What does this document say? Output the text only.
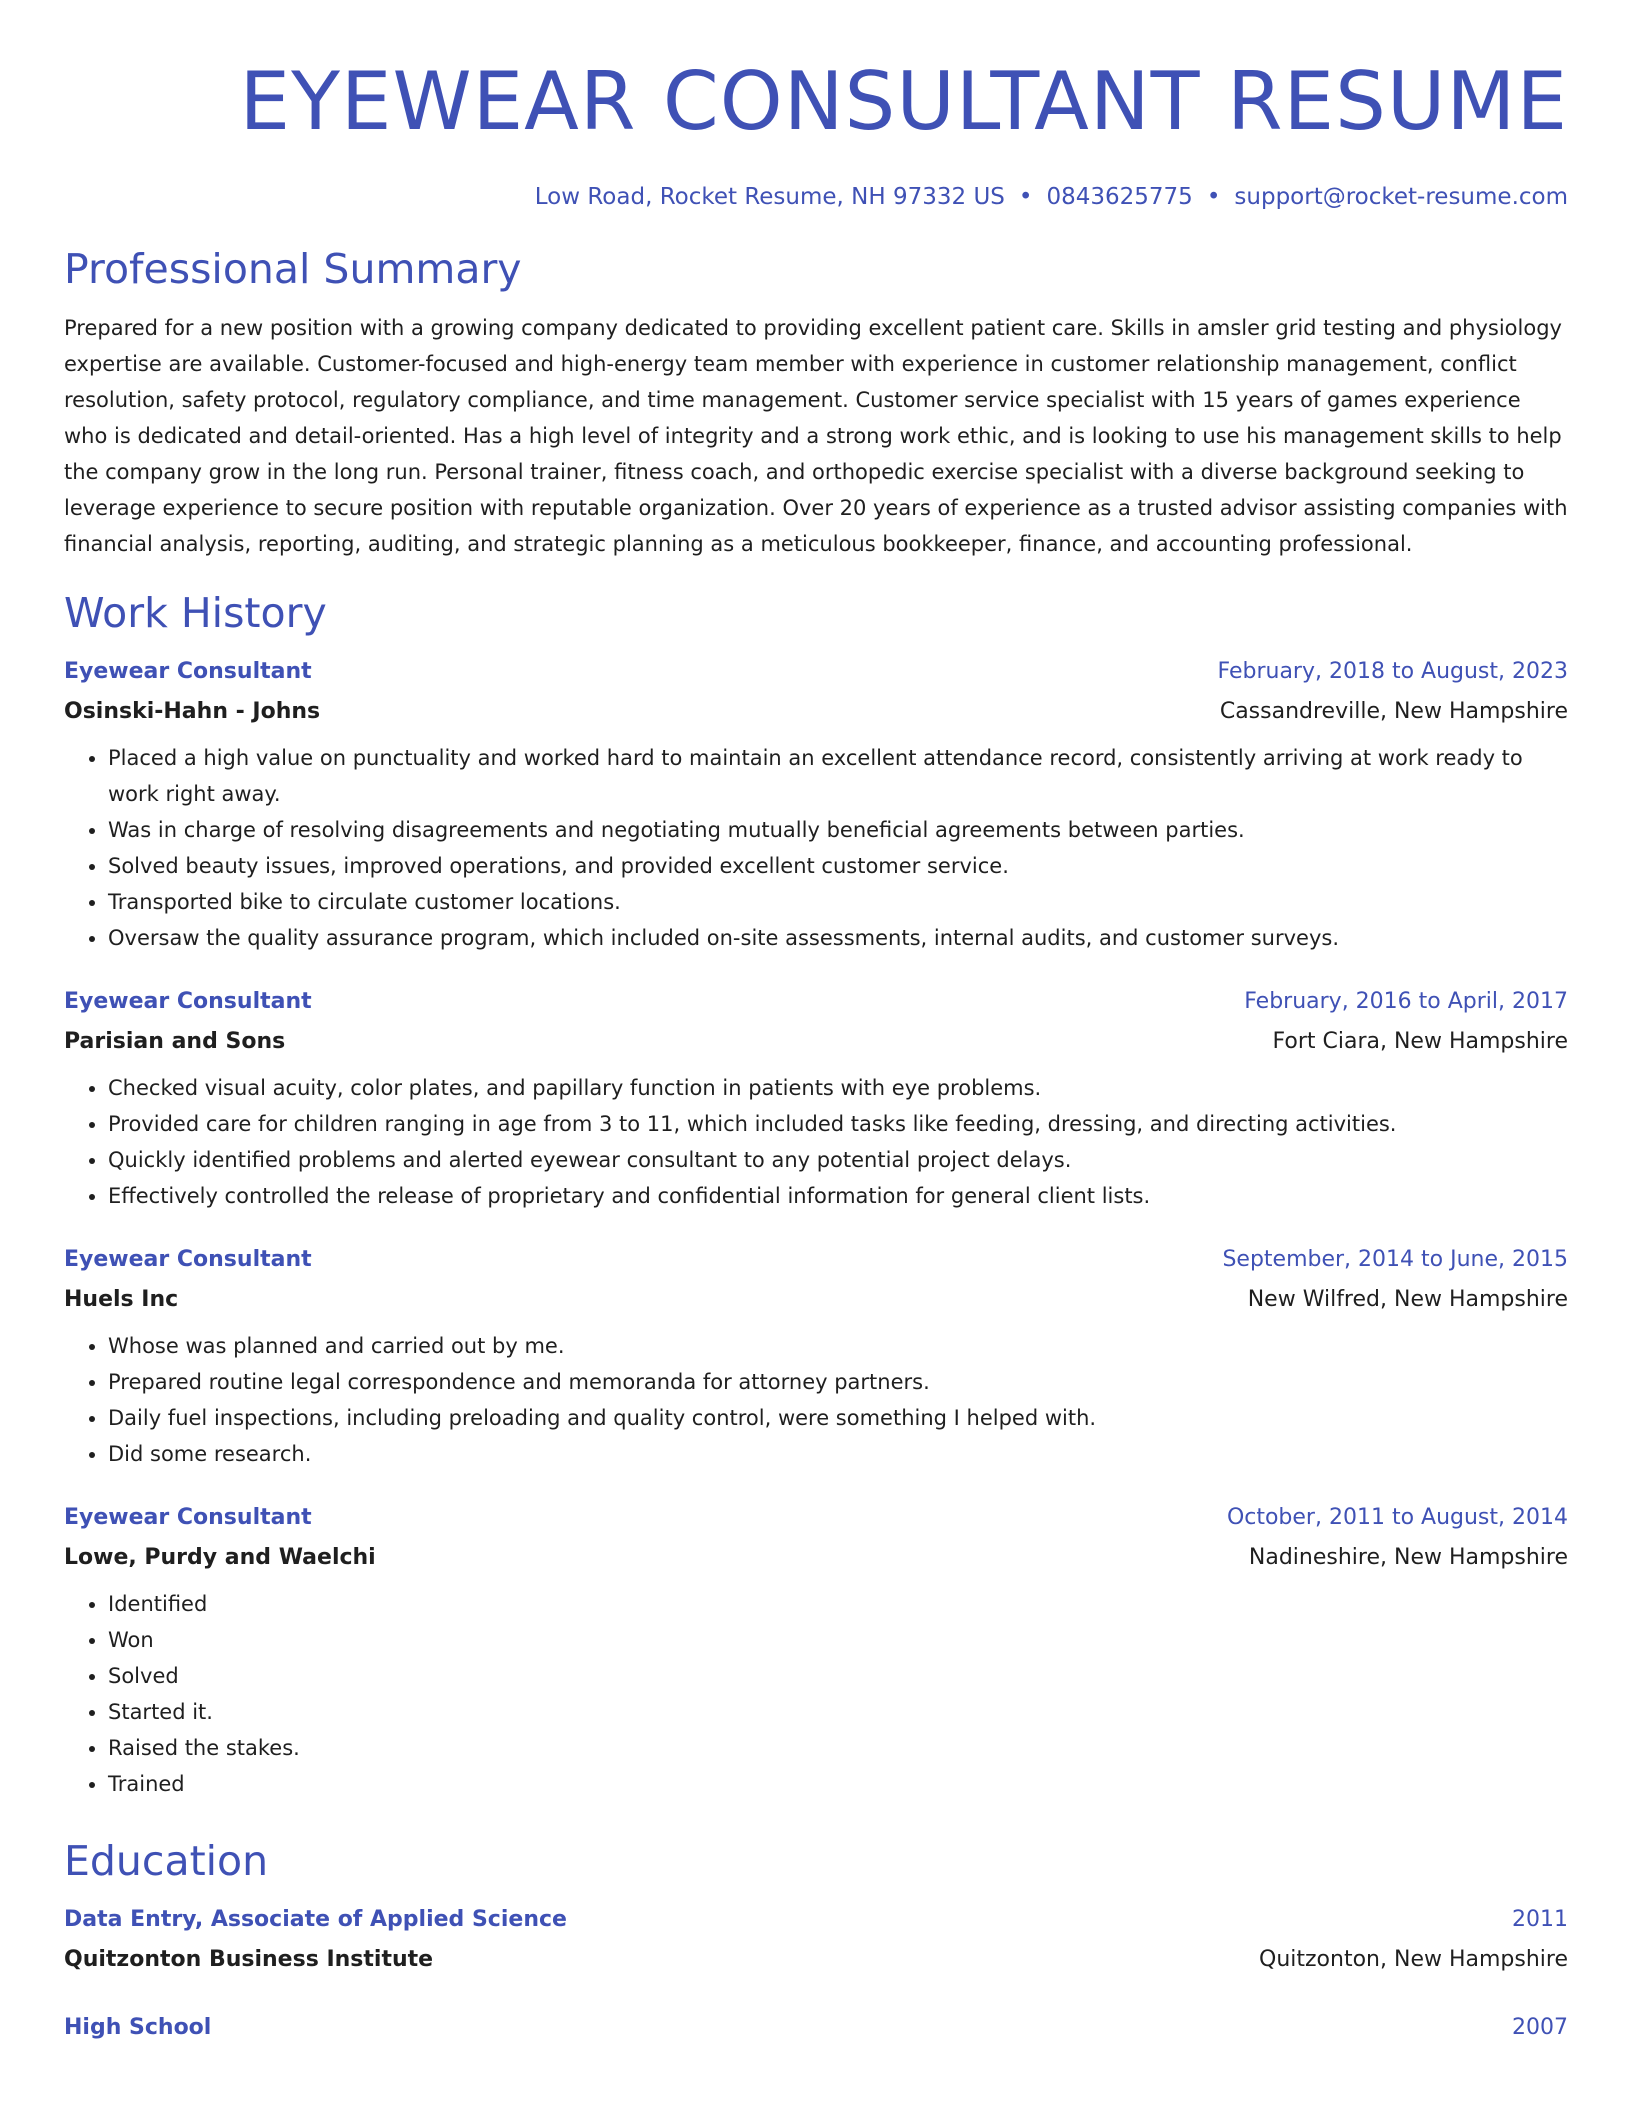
EYEWEAR CONSULTANT RESUME
Low Road, Rocket Resume, NH 97332 US • 0843625775 • support@rocket-resume.com
Professional Summary

Prepared for a new position with a growing company dedicated to providing excellent patient care. Skills in amsler grid testing and physiology expertise are available. Customer-focused and high-energy team member with experience in customer relationship management, conflict resolution, safety protocol, regulatory compliance, and time management. Customer service specialist with 15 years of games experience who is dedicated and detail-oriented. Has a high level of integrity and a strong work ethic, and is looking to use his management skills to help the company grow in the long run. Personal trainer, fitness coach, and orthopedic exercise specialist with a diverse background seeking to leverage experience to secure position with reputable organization. Over 20 years of experience as a trusted advisor assisting companies with financial analysis, reporting, auditing, and strategic planning as a meticulous bookkeeper, finance, and accounting professional.

Work History
Eyewear Consultant	February, 2018 to August, 2023
Osinski-Hahn - Johns	Cassandreville, New Hampshire
• Placed a high value on punctuality and worked hard to maintain an excellent attendance record, consistently arriving at work ready to work right away.
• Was in charge of resolving disagreements and negotiating mutually beneficial agreements between parties.
• Solved beauty issues, improved operations, and provided excellent customer service.
• Transported bike to circulate customer locations.
• Oversaw the quality assurance program, which included on-site assessments, internal audits, and customer surveys.
Eyewear Consultant	February, 2016 to April, 2017
Parisian and Sons	Fort Ciara, New Hampshire
• Checked visual acuity, color plates, and papillary function in patients with eye problems.
• Provided care for children ranging in age from 3 to 11, which included tasks like feeding, dressing, and directing activities.
• Quickly identified problems and alerted eyewear consultant to any potential project delays.
• Effectively controlled the release of proprietary and confidential information for general client lists.
Eyewear Consultant	September, 2014 to June, 2015
Huels Inc	New Wilfred, New Hampshire
• Whose was planned and carried out by me.
• Prepared routine legal correspondence and memoranda for attorney partners.
• Daily fuel inspections, including preloading and quality control, were something I helped with.
• Did some research.
Eyewear Consultant	October, 2011 to August, 2014
Lowe, Purdy and Waelchi	Nadineshire, New Hampshire
• Identified
• Won
• Solved
• Started it.
• Raised the stakes.
• Trained
Education
Data Entry, Associate of Applied Science	2011
Quitzonton Business Institute	Quitzonton, New Hampshire
High School	2007
